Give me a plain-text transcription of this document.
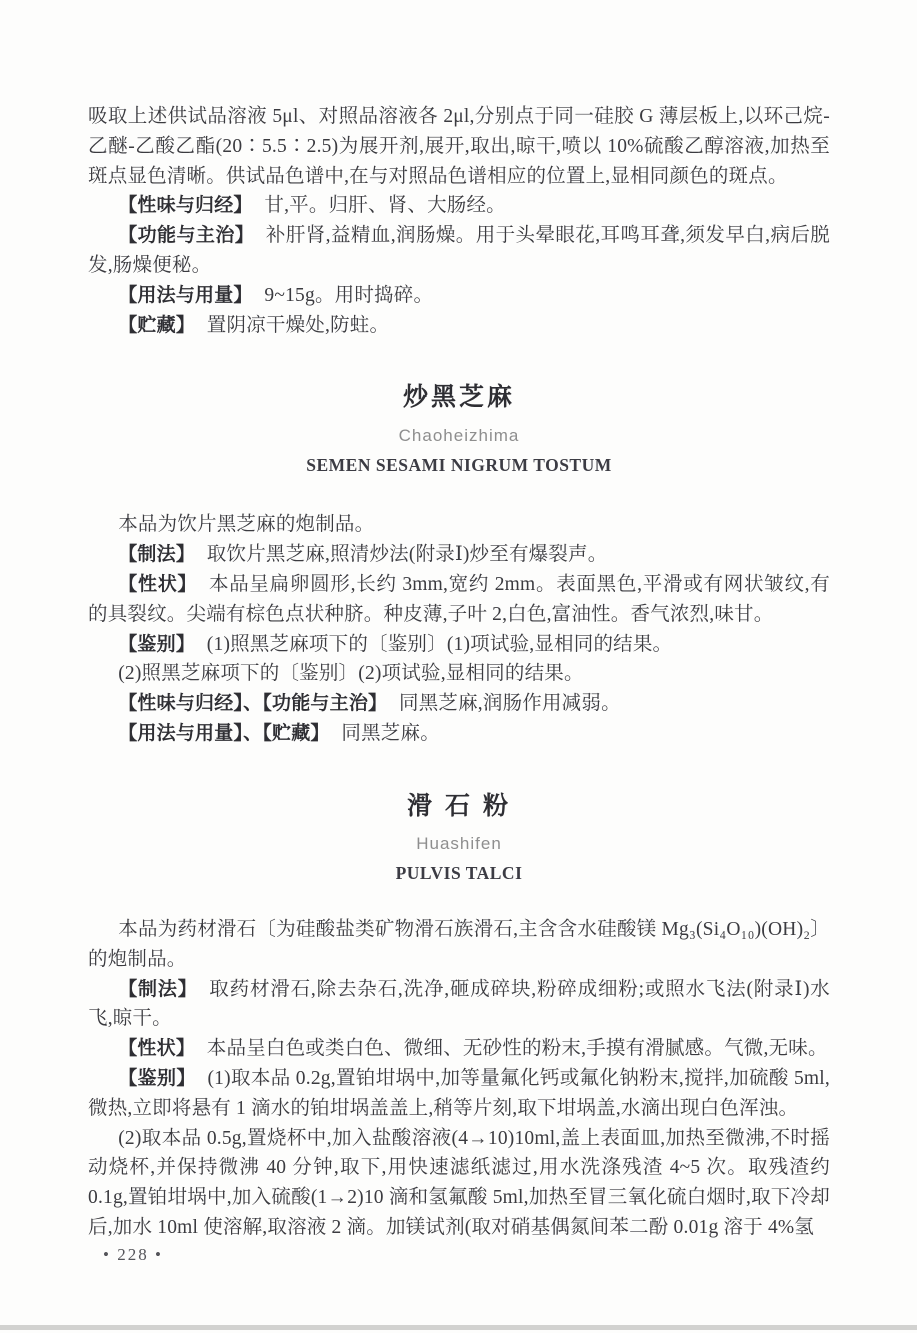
吸取上述供试品溶液 5μl、对照品溶液各 2μl,分别点于同一硅胶 G 薄层板上,以环己烷-乙醚-乙酸乙酯(20∶5.5∶2.5)为展开剂,展开,取出,晾干,喷以 10%硫酸乙醇溶液,加热至斑点显色清晰。供试品色谱中,在与对照品色谱相应的位置上,显相同颜色的斑点。

【性味与归经】 甘,平。归肝、肾、大肠经。

【功能与主治】 补肝肾,益精血,润肠燥。用于头晕眼花,耳鸣耳聋,须发早白,病后脱发,肠燥便秘。

【用法与用量】 9~15g。用时捣碎。

【贮藏】 置阴凉干燥处,防蛀。

炒黑芝麻
Chaoheizhima
SEMEN SESAMI NIGRUM TOSTUM

本品为饮片黑芝麻的炮制品。

【制法】 取饮片黑芝麻,照清炒法(附录Ⅰ)炒至有爆裂声。

【性状】 本品呈扁卵圆形,长约 3mm,宽约 2mm。表面黑色,平滑或有网状皱纹,有的具裂纹。尖端有棕色点状种脐。种皮薄,子叶 2,白色,富油性。香气浓烈,味甘。

【鉴别】 (1)照黑芝麻项下的〔鉴别〕(1)项试验,显相同的结果。

(2)照黑芝麻项下的〔鉴别〕(2)项试验,显相同的结果。

【性味与归经】、【功能与主治】 同黑芝麻,润肠作用减弱。

【用法与用量】、【贮藏】 同黑芝麻。

滑 石 粉
Huashifen
PULVIS TALCI

本品为药材滑石〔为硅酸盐类矿物滑石族滑石,主含含水硅酸镁 Mg₃(Si₄O₁₀)(OH)₂〕的炮制品。

【制法】 取药材滑石,除去杂石,洗净,砸成碎块,粉碎成细粉;或照水飞法(附录Ⅰ)水飞,晾干。

【性状】 本品呈白色或类白色、微细、无砂性的粉末,手摸有滑腻感。气微,无味。

【鉴别】 (1)取本品 0.2g,置铂坩埚中,加等量氟化钙或氟化钠粉末,搅拌,加硫酸 5ml,微热,立即将悬有 1 滴水的铂坩埚盖盖上,稍等片刻,取下坩埚盖,水滴出现白色浑浊。

(2)取本品 0.5g,置烧杯中,加入盐酸溶液(4→10)10ml,盖上表面皿,加热至微沸,不时摇动烧杯,并保持微沸 40 分钟,取下,用快速滤纸滤过,用水洗涤残渣 4~5 次。取残渣约 0.1g,置铂坩埚中,加入硫酸(1→2)10 滴和氢氟酸 5ml,加热至冒三氧化硫白烟时,取下冷却后,加水 10ml 使溶解,取溶液 2 滴。加镁试剂(取对硝基偶氮间苯二酚 0.01g 溶于 4%氢

• 228 •
